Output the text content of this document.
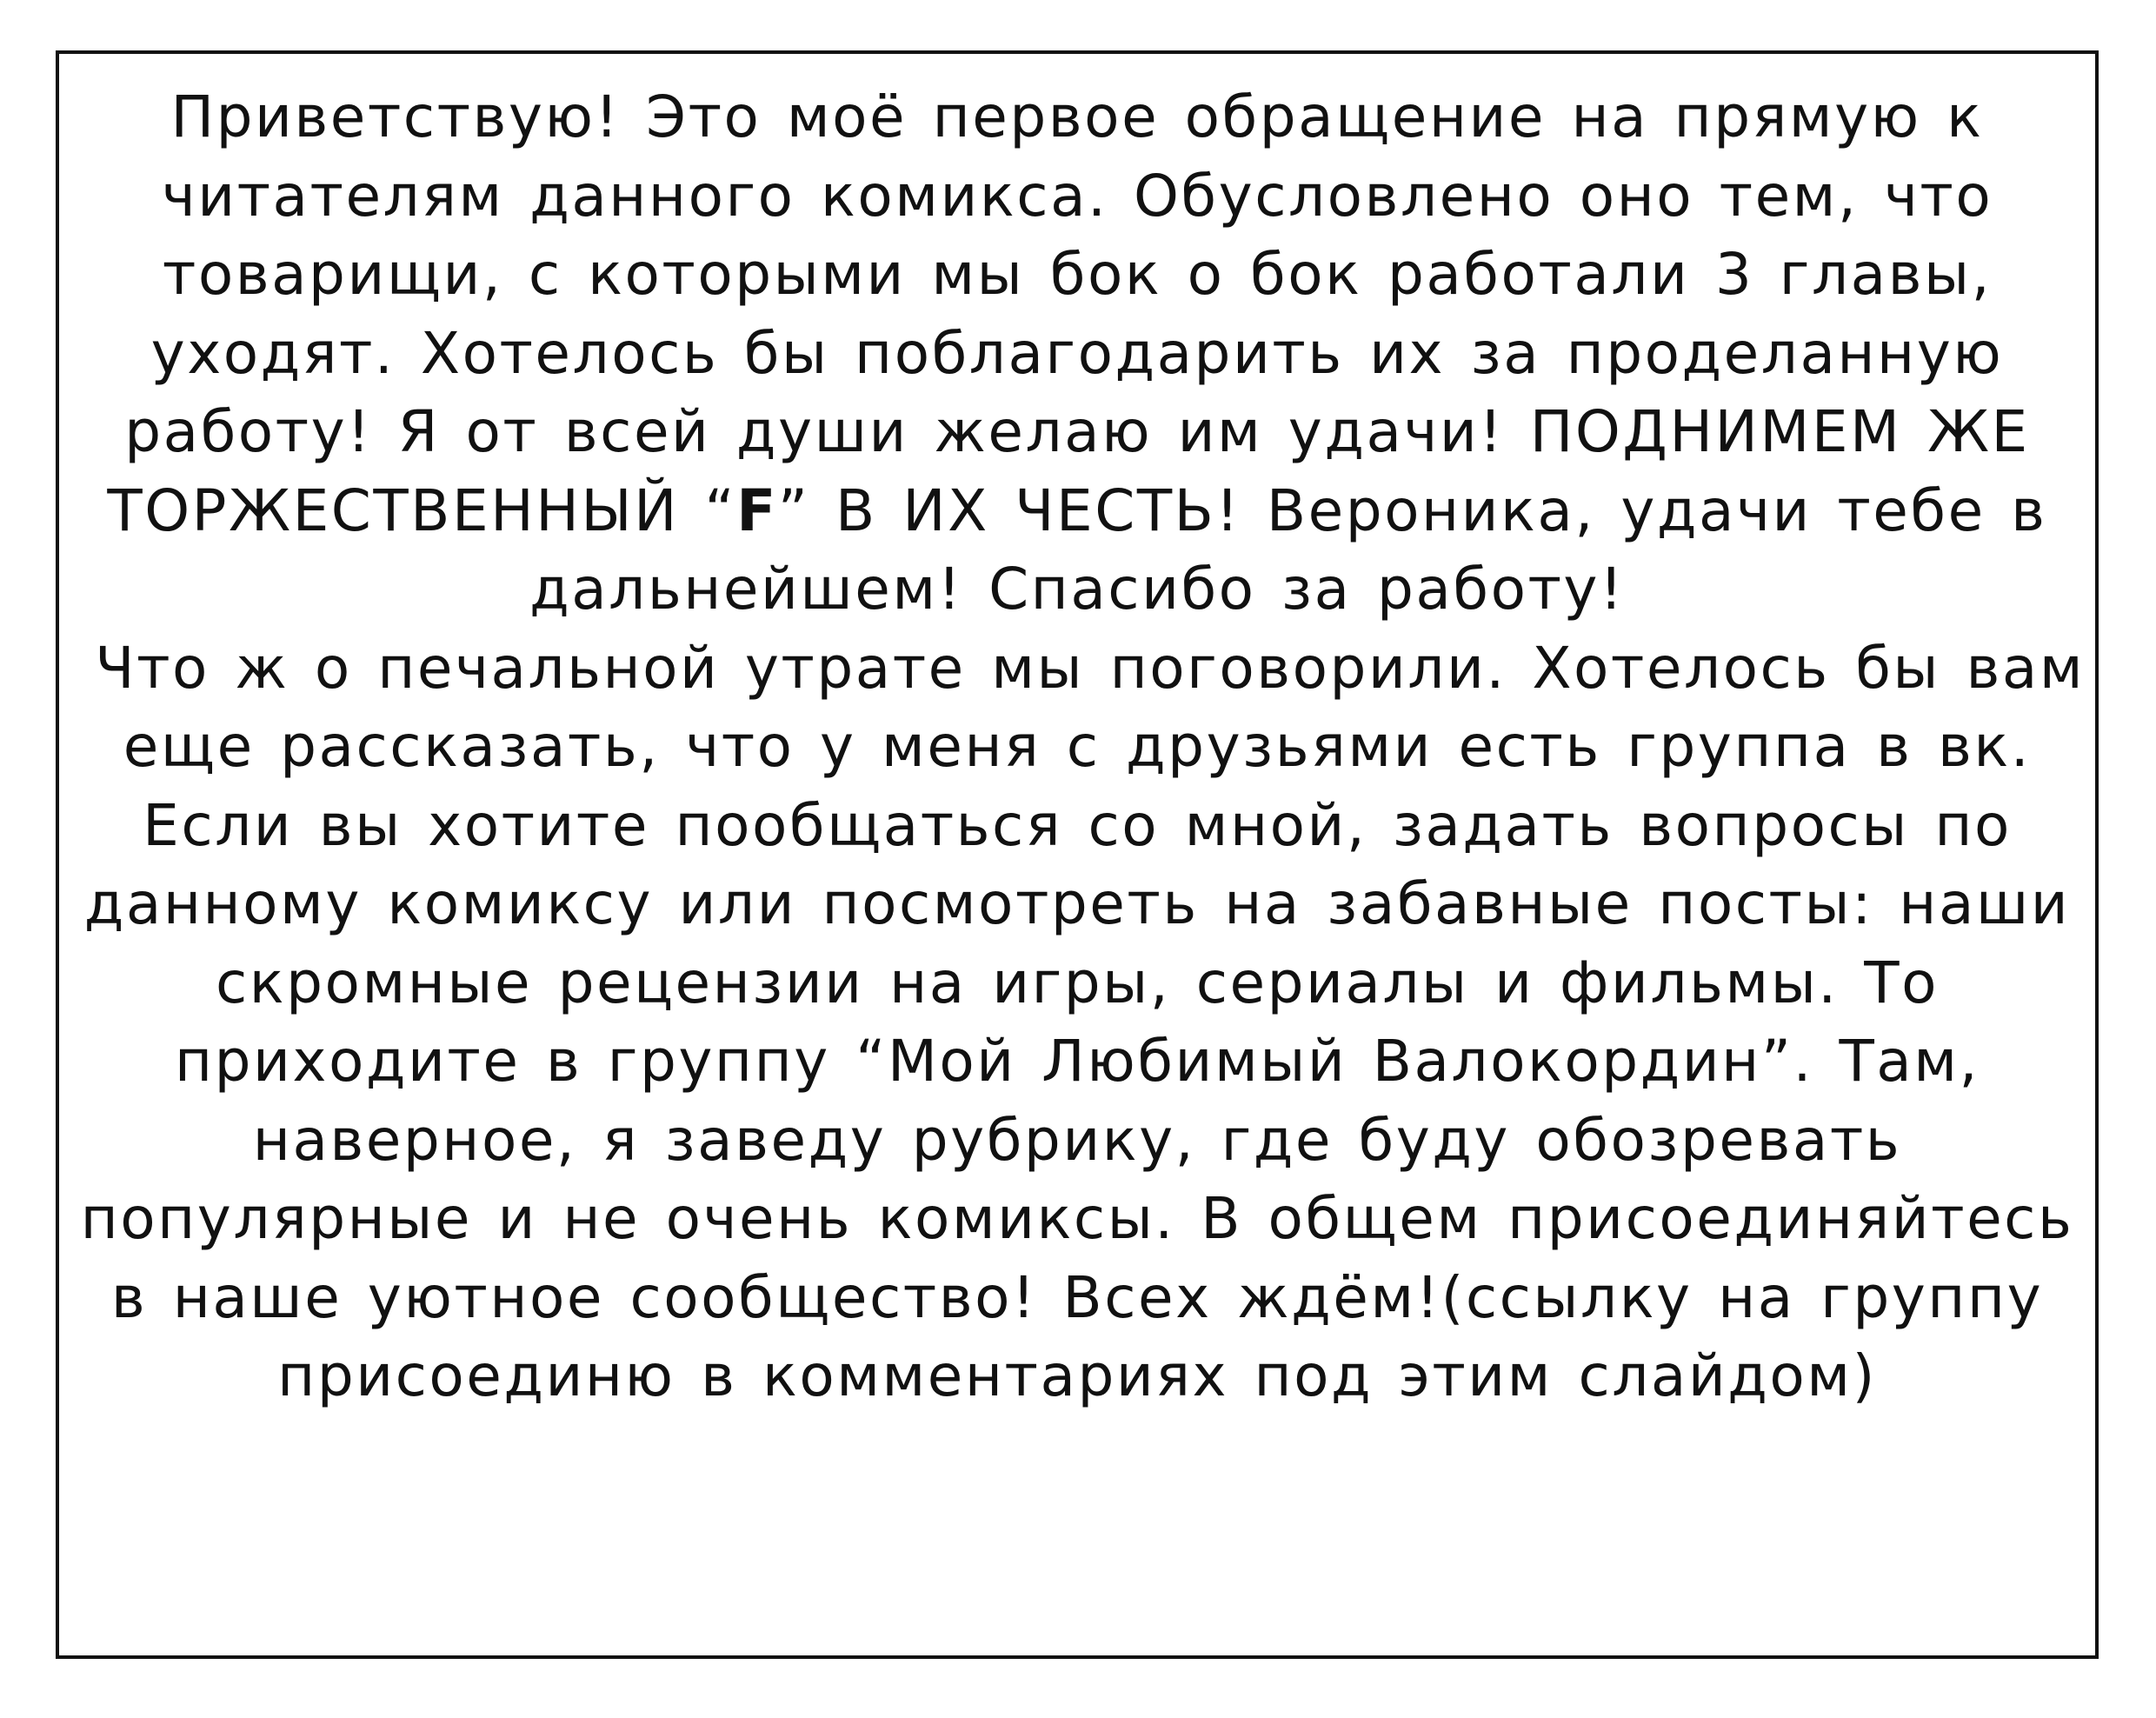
Приветствую! Это моё первое обращение на прямую к
читателям данного комикса. Обусловлено оно тем, что
товарищи, с которыми мы бок о бок работали 3 главы,
уходят. Хотелось бы поблагодарить их за проделанную
работу! Я от всей души желаю им удачи! ПОДНИМЕМ ЖЕ
ТОРЖЕСТВЕННЫЙ “F” В ИХ ЧЕСТЬ! Вероника, удачи тебе в
дальнейшем! Спасибо за работу!
Что ж о печальной утрате мы поговорили. Хотелось бы вам
еще рассказать, что у меня с друзьями есть группа в вк.
Если вы хотите пообщаться со мной, задать вопросы по
данному комиксу или посмотреть на забавные посты: наши
скромные рецензии на игры, сериалы и фильмы. То
приходите в группу “Мой Любимый Валокордин”. Там,
наверное, я заведу рубрику, где буду обозревать
популярные и не очень комиксы. В общем присоединяйтесь
в наше уютное сообщество! Всех ждём!(ссылку на группу
присоединю в комментариях под этим слайдом)
